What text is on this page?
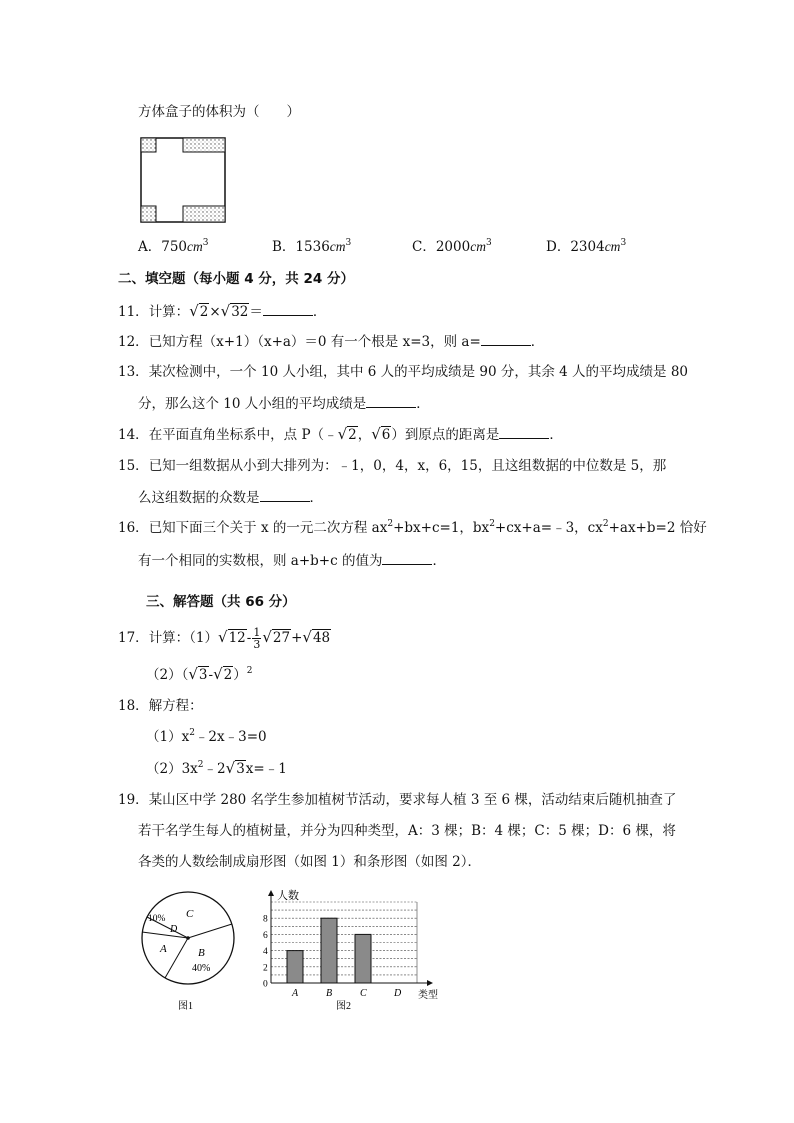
方体盒子的体积为（　　）
A．$750cm^3$	B．$1536cm^3$	C．$2000cm^3$	D．$2304cm^3$
二、填空题（每小题 4 分，共 24 分）
11．计算：√2×√32＝	．
12．已知方程（x+1）（x+a）＝0 有一个根是 x=3，则 a=	．
13．某次检测中，一个 10 人小组，其中 6 人的平均成绩是 90 分，其余 4 人的平均成绩是 80
分，那么这个 10 人小组的平均成绩是	．
14．在平面直角坐标系中，点 P（﹣√2，√6）到原点的距离是	．
15．已知一组数据从小到大排列为：﹣1，0，4，x，6，15，且这组数据的中位数是 5，那
么这组数据的众数是	．
16．已知下面三个关于 x 的一元二次方程 $ax^2+bx+c=1$，$bx^2+cx+a=﹣3$，$cx^2+ax+b=2$ 恰好
有一个相同的实数根，则 a+b+c 的值为	．
三、解答题（共 66 分）
17．计算：$(1)√12- \frac{1}{3} √27+√48$
$(2)(√3-√2)^2$
18．解方程：
$(1)x^2﹣2x﹣3=0$
$(2)3x^2﹣2√3x=﹣1$
19．某山区中学 280 名学生参加植树节活动，要求每人植 3 至 6 棵，活动结束后随机抽查了
若干名学生每人的植树量，并分为四种类型，A：3 棵；B：4 棵；C：5 棵；D：6 棵，将
各类的人数绘制成扇形图（如图 1）和条形图（如图 2）．
C
10%
D
A	B
40%
图1
人数
类型
图2
0
2
4
6
8
A	B	C	D
